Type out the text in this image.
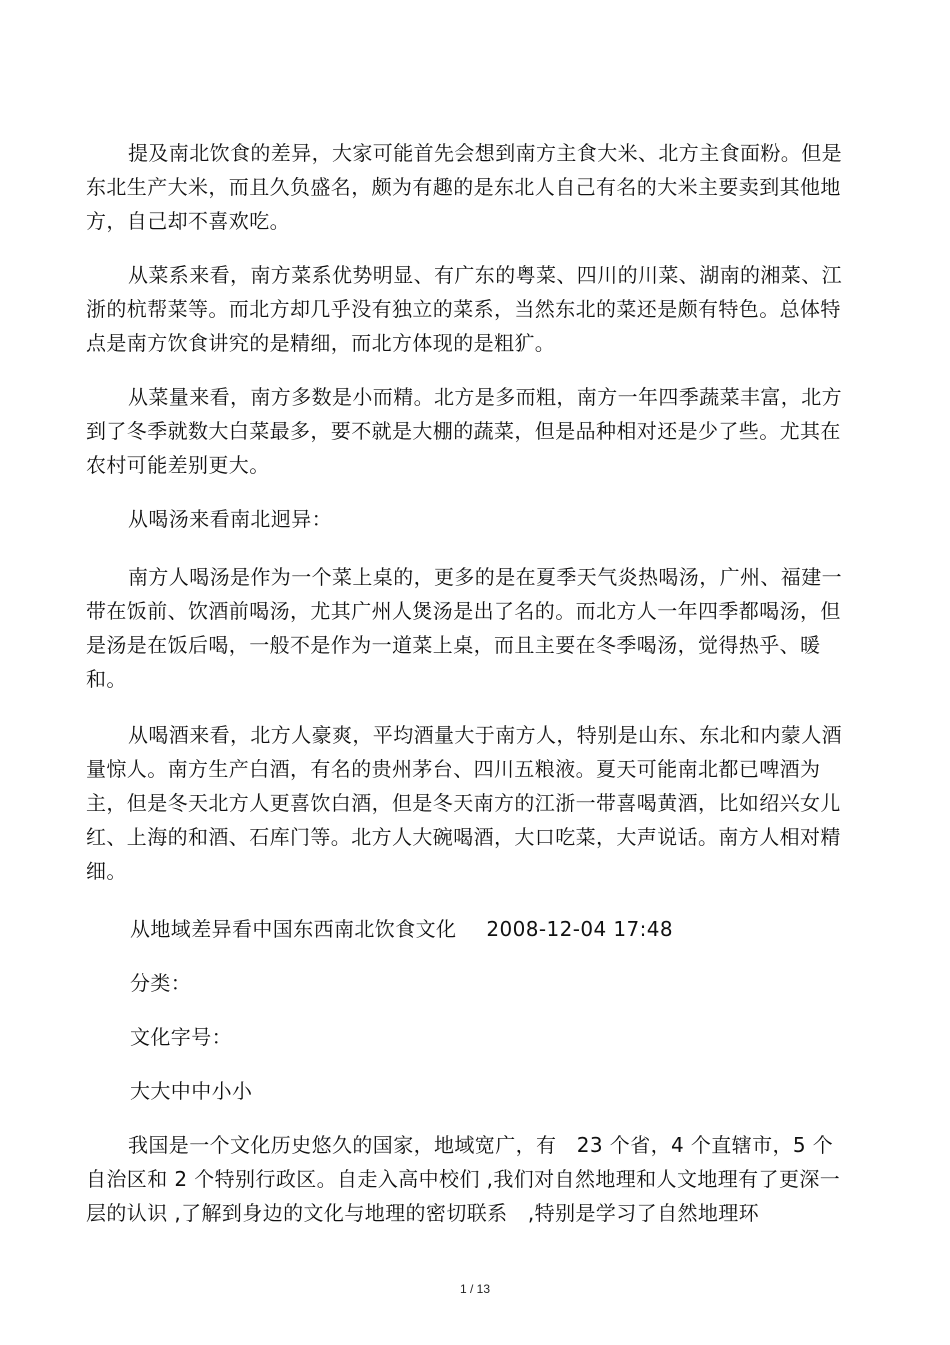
提及南北饮食的差异，大家可能首先会想到南方主食大米、北方主食面粉。但是东北生产大米，而且久负盛名，颇为有趣的是东北人自己有名的大米主要卖到其他地方，自己却不喜欢吃。

从菜系来看，南方菜系优势明显、有广东的粤菜、四川的川菜、湖南的湘菜、江浙的杭帮菜等。而北方却几乎没有独立的菜系，当然东北的菜还是颇有特色。总体特点是南方饮食讲究的是精细，而北方体现的是粗犷。

从菜量来看，南方多数是小而精。北方是多而粗，南方一年四季蔬菜丰富，北方到了冬季就数大白菜最多，要不就是大棚的蔬菜，但是品种相对还是少了些。尤其在农村可能差别更大。

从喝汤来看南北迥异：

南方人喝汤是作为一个菜上桌的，更多的是在夏季天气炎热喝汤，广州、福建一带在饭前、饮酒前喝汤，尤其广州人煲汤是出了名的。而北方人一年四季都喝汤，但是汤是在饭后喝，一般不是作为一道菜上桌，而且主要在冬季喝汤，觉得热乎、暖和。

从喝酒来看，北方人豪爽，平均酒量大于南方人，特别是山东、东北和内蒙人酒量惊人。南方生产白酒，有名的贵州茅台、四川五粮液。夏天可能南北都已啤酒为主，但是冬天北方人更喜饮白酒，但是冬天南方的江浙一带喜喝黄酒，比如绍兴女儿红、上海的和酒、石库门等。北方人大碗喝酒，大口吃菜，大声说话。南方人相对精细。

从地域差异看中国东西南北饮食文化 2008-12-04 17:48

分类：

文化字号：

大大中中小小

我国是一个文化历史悠久的国家，地域宽广，有　23 个省，4 个直辖市，5 个自治区和 2 个特别行政区。自走入高中校们 ,我们对自然地理和人文地理有了更深一层的认识 ,了解到身边的文化与地理的密切联系　,特别是学习了自然地理环

1 / 13
